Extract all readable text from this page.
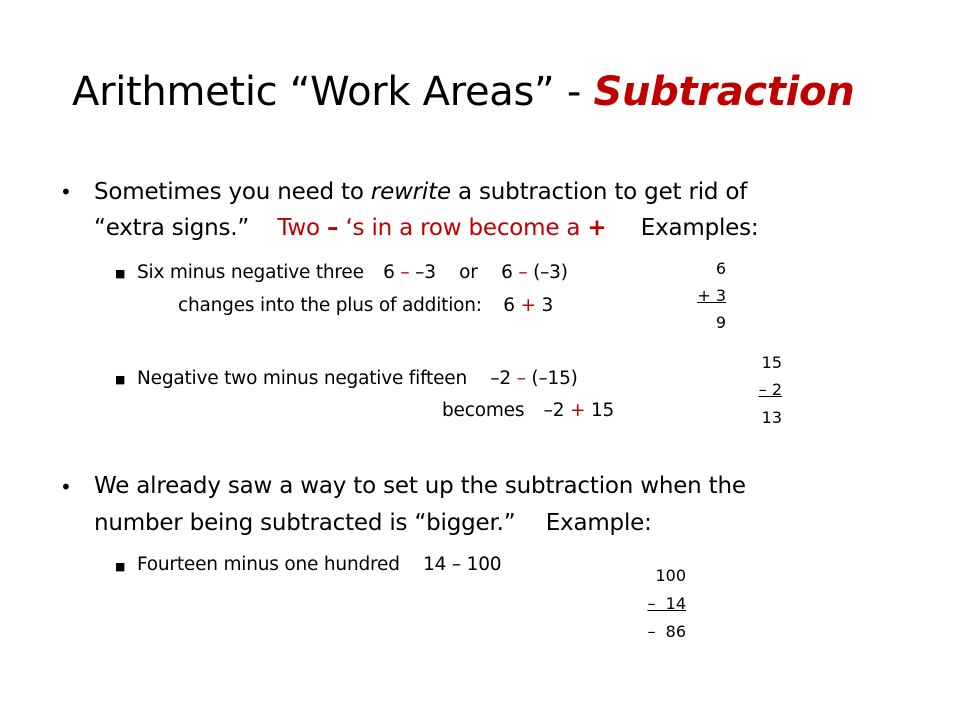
Arithmetic “Work Areas” - Subtraction
• Sometimes you need to rewrite a subtraction to get rid of
“extra signs.” Two – ‘s in a row become a + Examples:
■ Six minus negative three 6 – –3 or 6 – (–3)
changes into the plus of addition: 6 + 3
■ Negative two minus negative fifteen –2 – (–15)
becomes –2 + 15
• We already saw a way to set up the subtraction when the
number being subtracted is “bigger.” Example:
■ Fourteen minus one hundred 14 – 100
6
+ 3
9
15
– 2
13
100
–  14
–  86
